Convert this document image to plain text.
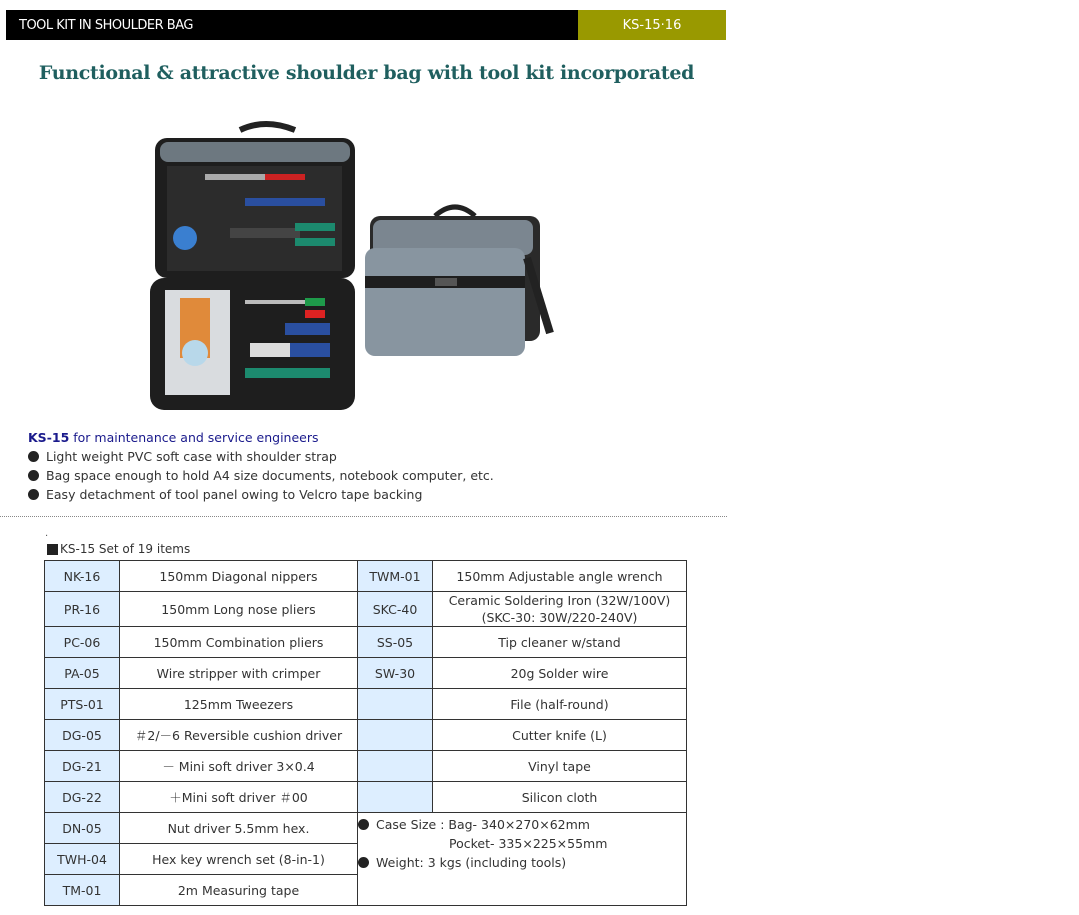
TOOL KIT IN SHOULDER BAG	KS-15·16
Functional & attractive shoulder bag with tool kit incorporated
KS-15 for maintenance and service engineers
Light weight PVC soft case with shoulder strap
Bag space enough to hold A4 size documents, notebook computer, etc.
Easy detachment of tool panel owing to Velcro tape backing
.
KS-15 Set of 19 items
NK-16	150mm Diagonal nippers	TWM-01	150mm Adjustable angle wrench
PR-16	150mm Long nose pliers	SKC-40	Ceramic Soldering Iron (32W/100V)
(SKC-30: 30W/220-240V)

PC-06	150mm Combination pliers	SS-05	Tip cleaner w/stand
PA-05	Wire stripper with crimper	SW-30	20g Solder wire
PTS-01	125mm Tweezers		File (half-round)
DG-05	＃2/－6 Reversible cushion driver		Cutter knife (L)
DG-21	－ Mini soft driver 3×0.4		Vinyl tape
DG-22	＋Mini soft driver ＃00		Silicon cloth
DN-05	Nut driver 5.5mm hex.	Case Size : Bag- 340×270×62mm
Pocket- 335×225×55mm
Weight: 3 kgs (including tools)	

TWH-04	Hex key wrench set (8-in-1)		
TM-01	2m Measuring tape		
